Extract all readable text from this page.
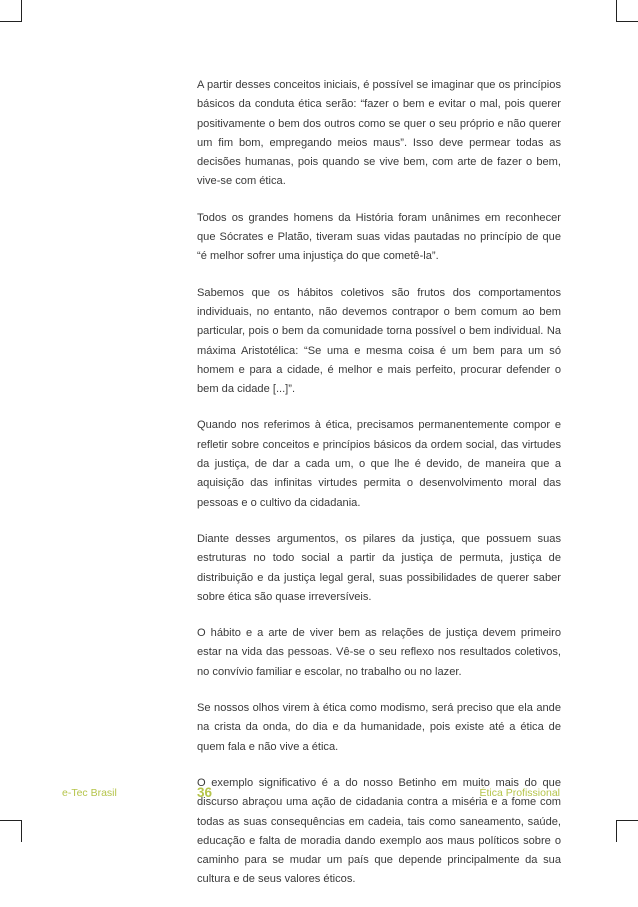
A partir desses conceitos iniciais, é possível se imaginar que os princípios básicos da conduta ética serão: “fazer o bem e evitar o mal, pois querer positivamente o bem dos outros como se quer o seu próprio e não querer um fim bom, empregando meios maus”. Isso deve permear todas as decisões humanas, pois quando se vive bem, com arte de fazer o bem, vive-se com ética.

Todos os grandes homens da História foram unânimes em reconhecer que Sócrates e Platão, tiveram suas vidas pautadas no princípio de que “é melhor sofrer uma injustiça do que cometê-la”.

Sabemos que os hábitos coletivos são frutos dos comportamentos individuais, no entanto, não devemos contrapor o bem comum ao bem particular, pois o bem da comunidade torna possível o bem individual. Na máxima Aristotélica: “Se uma e mesma coisa é um bem para um só homem e para a cidade, é melhor e mais perfeito, procurar defender o bem da cidade [...]”.

Quando nos referimos à ética, precisamos permanentemente compor e refletir sobre conceitos e princípios básicos da ordem social, das virtudes da justiça, de dar a cada um, o que lhe é devido, de maneira que a aquisição das infinitas virtudes permita o desenvolvimento moral das pessoas e o cultivo da cidadania.

Diante desses argumentos, os pilares da justiça, que possuem suas estruturas no todo social a partir da justiça de permuta, justiça de distribuição e da justiça legal geral, suas possibilidades de querer saber sobre ética são quase irreversíveis.

O hábito e a arte de viver bem as relações de justiça devem primeiro estar na vida das pessoas. Vê-se o seu reflexo nos resultados coletivos, no convívio familiar e escolar, no trabalho ou no lazer.

Se nossos olhos virem à ética como modismo, será preciso que ela ande na crista da onda, do dia e da humanidade, pois existe até a ética de quem fala e não vive a ética.

O exemplo significativo é a do nosso Betinho em muito mais do que discurso abraçou uma ação de cidadania contra a miséria e a fome com todas as suas consequências em cadeia, tais como saneamento, saúde, educação e falta de moradia dando exemplo aos maus políticos sobre o caminho para se mudar um país que depende principalmente da sua cultura e de seus valores éticos.

e-Tec Brasil	36	Ética Profissional
